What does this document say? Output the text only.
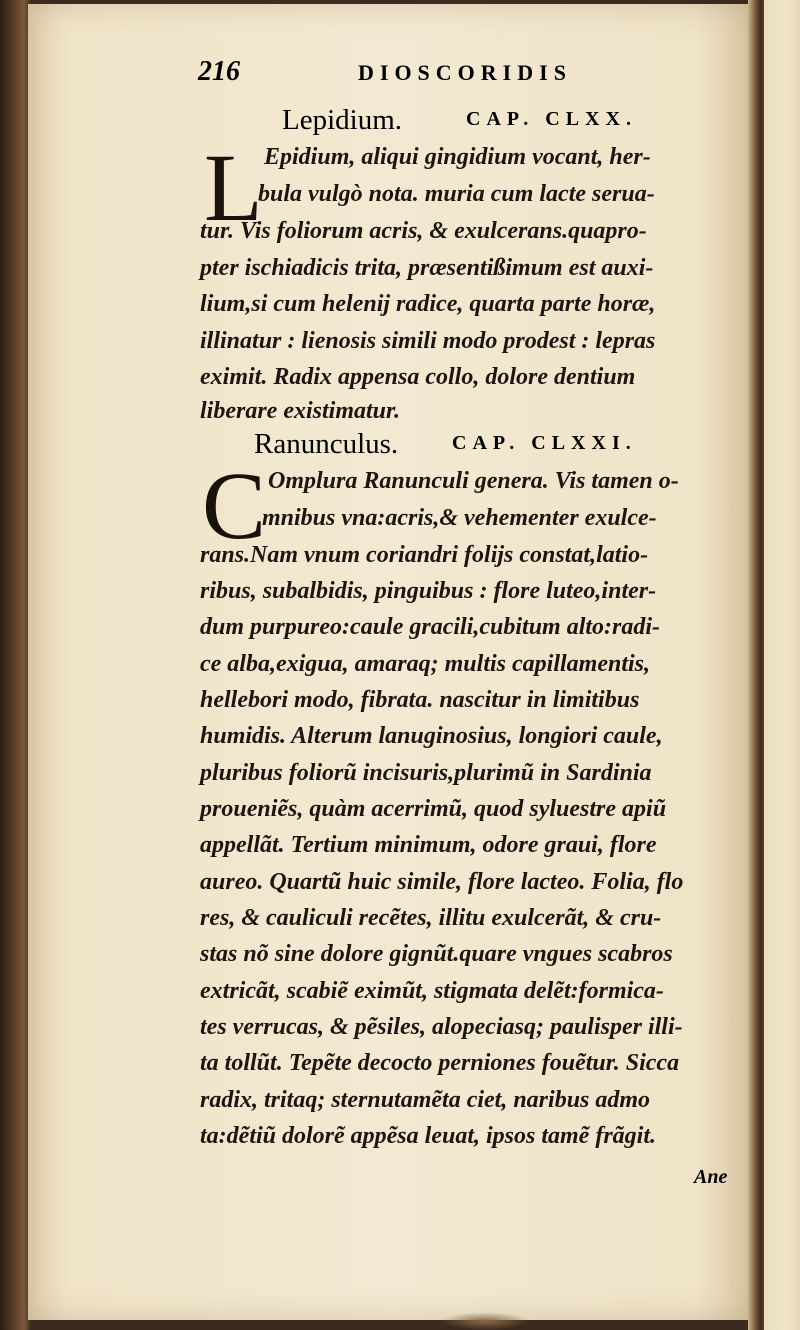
216	DIOSCORIDIS
Lepidium.	CAP. CLXX.
L Epidium, aliqui gingidium vocant, her-
bula vulgò nota. muria cum lacte serua-
tur. Vis foliorum acris, & exulcerans.quapro-
pter ischiadicis trita, præsentißimum est auxi-
lium,si cum helenij radice, quarta parte horæ,
illinatur : lienosis simili modo prodest : lepras
eximit. Radix appensa collo, dolore dentium
liberare existimatur.
Ranunculus.	CAP. CLXXI.
C Omplura Ranunculi genera. Vis tamen o-
mnibus vna:acris,& vehementer exulce-
rans.Nam vnum coriandri folijs constat,latio-
ribus, subalbidis, pinguibus : flore luteo,inter-
dum purpureo:caule gracili,cubitum alto:radi-
ce alba,exigua, amaraq; multis capillamentis,
hellebori modo, fibrata. nascitur in limitibus
humidis. Alterum lanuginosius, longiori caule,
pluribus foliorũ incisuris,plurimũ in Sardinia
proueniẽs, quàm acerrimũ, quod syluestre apiũ
appellãt. Tertium minimum, odore graui, flore
aureo. Quartũ huic simile, flore lacteo. Folia, flo
res, & cauliculi recẽtes, illitu exulcerãt, & cru-
stas nõ sine dolore gignũt.quare vngues scabros
extricãt, scabiẽ eximũt, stigmata delẽt:formica-
tes verrucas, & pẽsiles, alopeciasq; paulisper illi-
ta tollũt. Tepẽte decocto perniones fouẽtur. Sicca
radix, tritaq; sternutamẽta ciet, naribus admo
ta:dẽtiũ dolorẽ appẽsa leuat, ipsos tamẽ frãgit.
Ane
